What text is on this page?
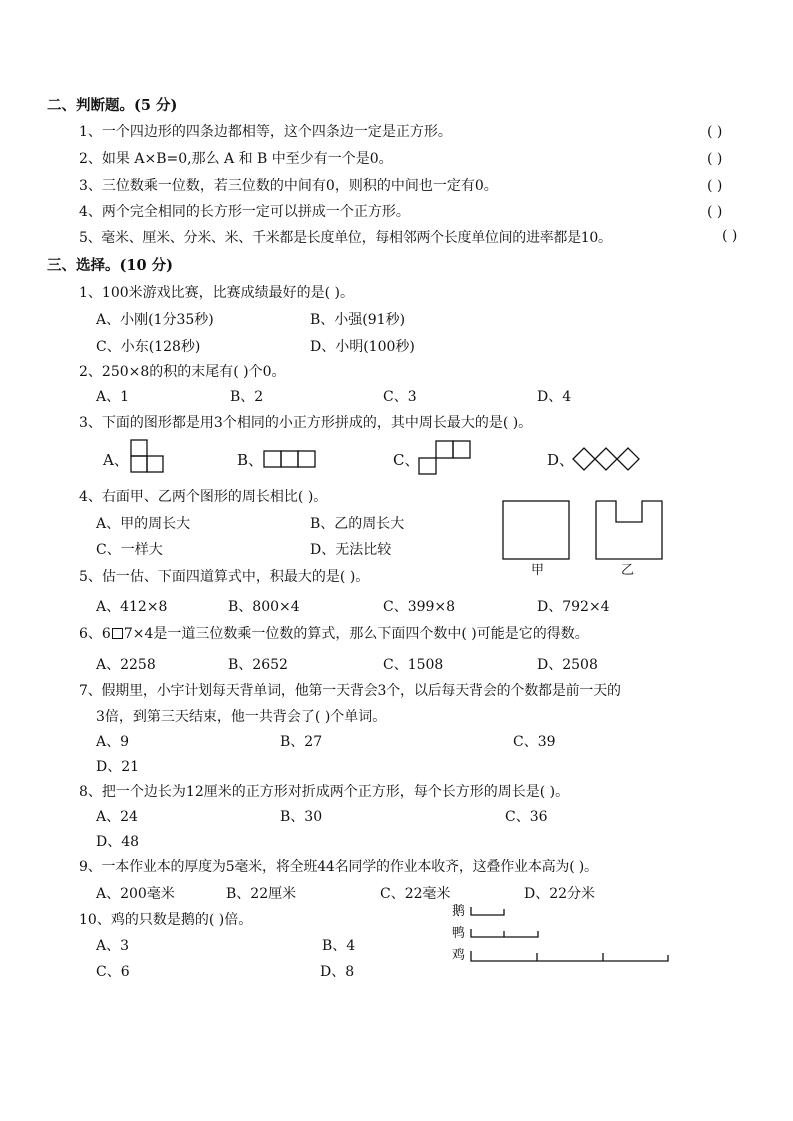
二、判断题。(5 分)
1、一个四边形的四条边都相等，这个四条边一定是正方形。	( )
2、如果 A×B=0,那么 A 和 B 中至少有一个是0。	( )
3、三位数乘一位数，若三位数的中间有0，则积的中间也一定有0。	( )
4、两个完全相同的长方形一定可以拼成一个正方形。	( )
5、毫米、厘米、分米、米、千米都是长度单位，每相邻两个长度单位间的进率都是10。	( )
三、选择。(10 分)
1、100米游戏比赛，比赛成绩最好的是( )。
A、小刚(1分35秒)	B、小强(91秒)
C、小东(128秒)	D、小明(100秒)
2、250×8的积的末尾有( )个0。
A、1	B、2	C、3	D、4
3、下面的图形都是用3个相同的小正方形拼成的，其中周长最大的是( )。
A、	B、	C、	D、
4、右面甲、乙两个图形的周长相比( )。
A、甲的周长大	B、乙的周长大
C、一样大	D、无法比较
甲	乙
5、估一估、下面四道算式中，积最大的是( )。
A、412×8	B、800×4	C、399×8	D、792×4
6、6 7×4是一道三位数乘一位数的算式，那么下面四个数中( )可能是它的得数。
A、2258	B、2652	C、1508	D、2508
7、假期里，小宇计划每天背单词，他第一天背会3个，以后每天背会的个数都是前一天的
3倍，到第三天结束，他一共背会了( )个单词。
A、9	B、27	C、39
D、21
8、把一个边长为12厘米的正方形对折成两个正方形，每个长方形的周长是( )。
A、24	B、30	C、36
D、48
9、一本作业本的厚度为5毫米，将全班44名同学的作业本收齐，这叠作业本高为( )。
A、200毫米	B、22厘米	C、22毫米	D、22分米
10、鸡的只数是鹅的( )倍。
A、3	B、4
C、6	D、8
鹅
鸭
鸡
